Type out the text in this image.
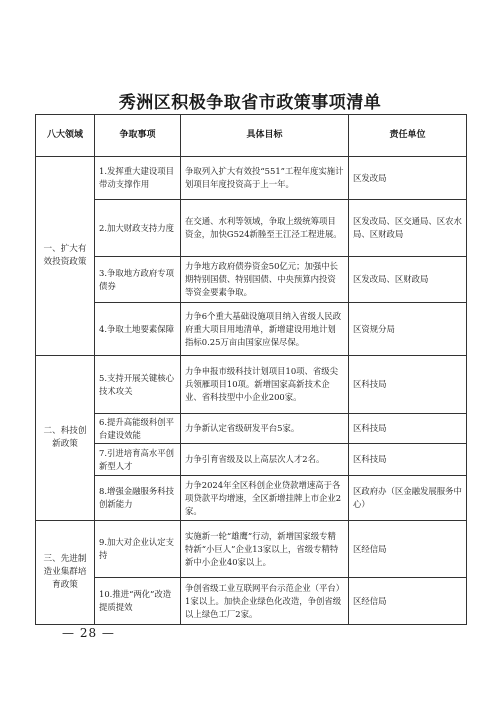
秀洲区积极争取省市政策事项清单
八大领域	争取事项	具体目标	责任单位
一、扩大有效投资政策	1.发挥重大建设项目带动支撑作用	争取列入扩大有效投“551”工程年度实施计划项目年度投资高于上一年。	区发改局
	2.加大财政支持力度	在交通、水利等领域，争取上级统筹项目资金，加快G524新塍至王江泾工程进展。	区发改局、区交通局、区农水局、区财政局
	3.争取地方政府专项债券	力争地方政府债券资金50亿元；加强中长期特别国债、特别国债、中央预算内投资等资金要素争取。	区发改局、区财政局
	4.争取土地要素保障	力争6个重大基础设施项目纳入省级人民政府重大项目用地清单，新增建设用地计划指标0.25万亩由国家应保尽保。	区资规分局
二、科技创新政策	5.支持开展关键核心技术攻关	力争申报市级科技计划项目10项、省级尖兵领雁项目10项。新增国家高新技术企业、省科技型中小企业200家。	区科技局
	6.提升高能级科创平台建设效能	力争新认定省级研发平台5家。	区科技局
	7.引进培育高水平创新型人才	力争引育省级及以上高层次人才2名。	区科技局
	8.增强金融服务科技创新能力	力争2024年全区科创企业贷款增速高于各项贷款平均增速，全区新增挂牌上市企业2家。	区政府办（区金融发展服务中心）
三、先进制造业集群培育政策	9.加大对企业认定支持	实施新一轮“雄鹰”行动，新增国家级专精特新“小巨人”企业13家以上，省级专精特新中小企业40家以上。	区经信局
	10.推进“两化”改造提质提效	争创省级工业互联网平台示范企业（平台）1家以上。加快企业绿色化改造，争创省级以上绿色工厂2家。	区经信局
— 28 —
